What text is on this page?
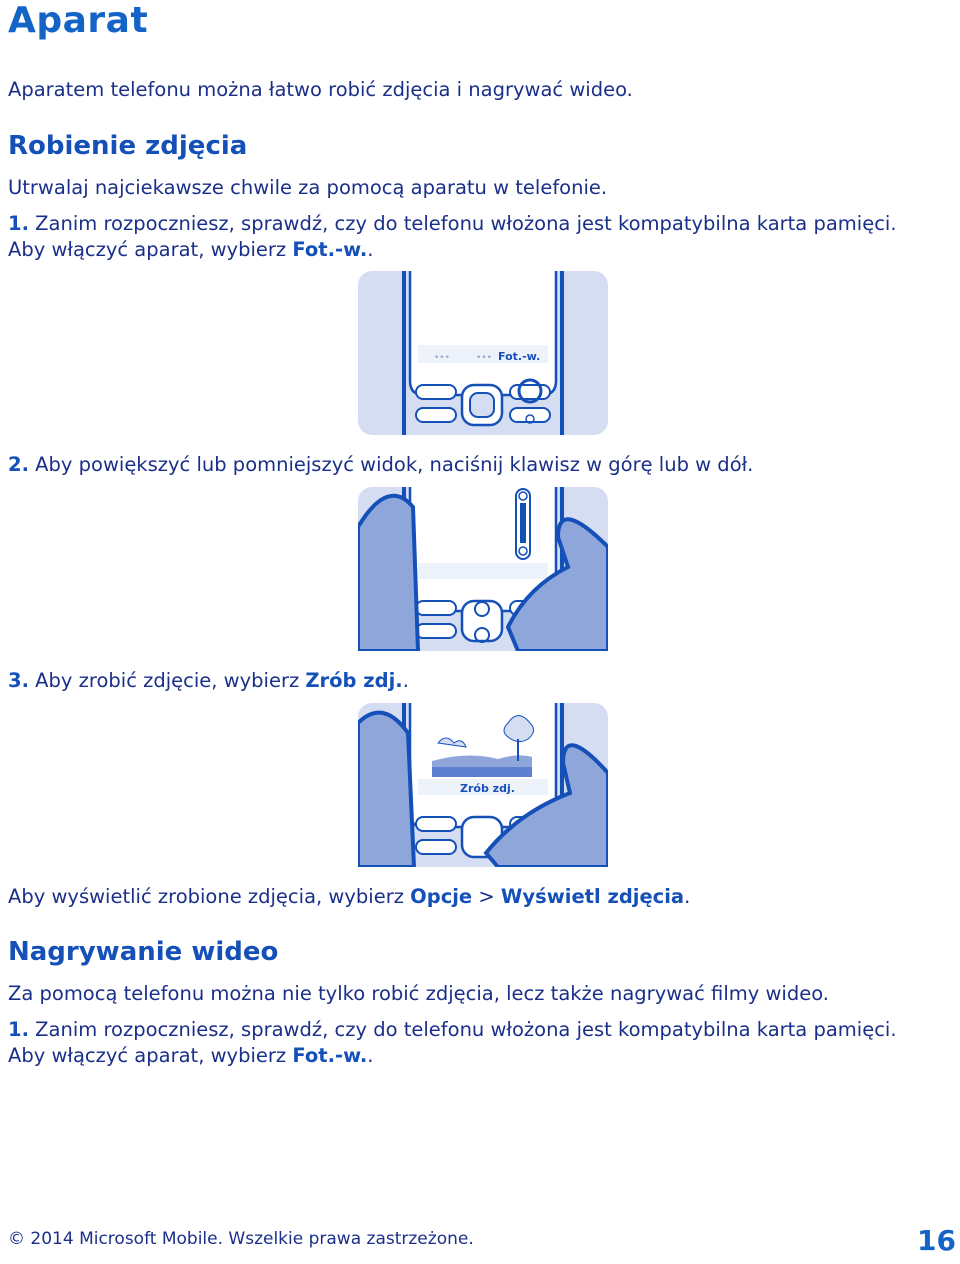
Aparat

Aparatem telefonu można łatwo robić zdjęcia i nagrywać wideo.

Robienie zdjęcia

Utrwalaj najciekawsze chwile za pomocą aparatu w telefonie.

1. Zanim rozpoczniesz, sprawdź, czy do telefonu włożona jest kompatybilna karta pamięci. Aby włączyć aparat, wybierz Fot.-w..

•••	••• Fot.-w.

2. Aby powiększyć lub pomniejszyć widok, naciśnij klawisz w górę lub w dół.

3. Aby zrobić zdjęcie, wybierz Zrób zdj..

Zrób zdj.

Aby wyświetlić zrobione zdjęcia, wybierz Opcje > Wyświetl zdjęcia.

Nagrywanie wideo

Za pomocą telefonu można nie tylko robić zdjęcia, lecz także nagrywać filmy wideo.

1. Zanim rozpoczniesz, sprawdź, czy do telefonu włożona jest kompatybilna karta pamięci. Aby włączyć aparat, wybierz Fot.-w..

© 2014 Microsoft Mobile. Wszelkie prawa zastrzeżone.	16
